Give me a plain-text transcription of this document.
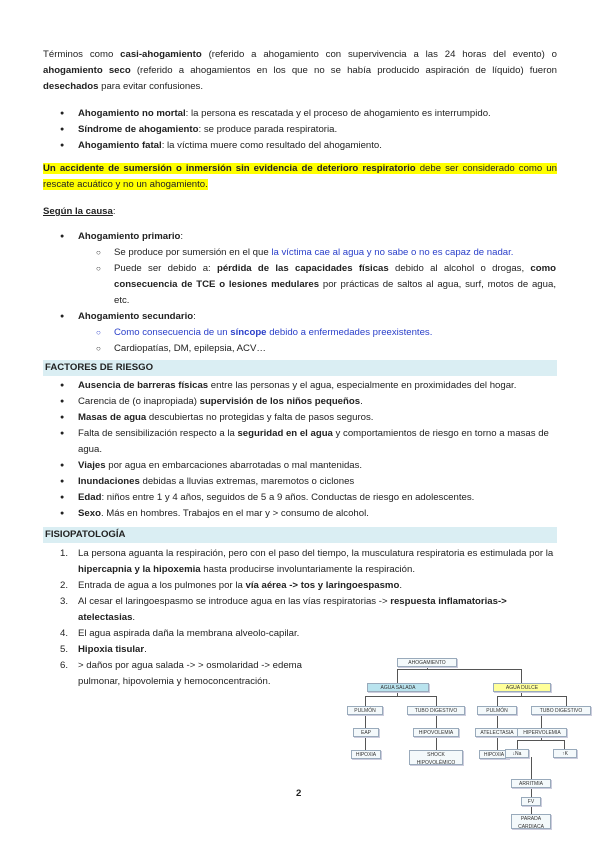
Términos como casi-ahogamiento (referido a ahogamiento con supervivencia a las 24 horas del evento) o ahogamiento seco (referido a ahogamientos en los que no se había producido aspiración de líquido) fueron desechados para evitar confusiones.
● Ahogamiento no mortal: la persona es rescatada y el proceso de ahogamiento es interrumpido.
● Síndrome de ahogamiento: se produce parada respiratoria.
● Ahogamiento fatal: la víctima muere como resultado del ahogamiento.
Un accidente de sumersión o inmersión sin evidencia de deterioro respiratorio debe ser considerado como un rescate acuático y no un ahogamiento.
Según la causa:
● Ahogamiento primario:
○ Se produce por sumersión en el que la víctima cae al agua y no sabe o no es capaz de nadar.
○ Puede ser debido a: pérdida de las capacidades físicas debido al alcohol o drogas, como consecuencia de TCE o lesiones medulares por prácticas de saltos al agua, surf, motos de agua, etc.
● Ahogamiento secundario:
○ Como consecuencia de un síncope debido a enfermedades preexistentes.
○ Cardiopatías, DM, epilepsia, ACV…
FACTORES DE RIESGO
● Ausencia de barreras físicas entre las personas y el agua, especialmente en proximidades del hogar.
● Carencia de (o inapropiada) supervisión de los niños pequeños.
● Masas de agua descubiertas no protegidas y falta de pasos seguros.
● Falta de sensibilización respecto a la seguridad en el agua y comportamientos de riesgo en torno a masas de agua.
● Viajes por agua en embarcaciones abarrotadas o mal mantenidas.
● Inundaciones debidas a lluvias extremas, maremotos o ciclones
● Edad: niños entre 1 y 4 años, seguidos de 5 a 9 años. Conductas de riesgo en adolescentes.
● Sexo. Más en hombres. Trabajos en el mar y > consumo de alcohol.
FISIOPATOLOGÍA
1. La persona aguanta la respiración, pero con el paso del tiempo, la musculatura respiratoria es estimulada por la hipercapnia y la hipoxemia hasta producirse involuntariamente la respiración.
2. Entrada de agua a los pulmones por la vía aérea -> tos y laringoespasmo.
3. Al cesar el laringoespasmo se introduce agua en las vías respiratorias -> respuesta inflamatorias-> atelectasias.
4. El agua aspirada daña la membrana alveolo-capilar.
5. Hipoxia tisular.
6. > daños por agua salada -> > osmolaridad -> edema pulmonar, hipovolemia y hemoconcentración.
AHOGAMIENTO
AGUA SALADA	AGUA DULCE
PULMÓN	TUBO DIGESTIVO	PULMÓN	TUBO DIGESTIVO
EAP	HIPOVOLEMIA	ATELECTASIA	HIPERVOLEMIA
HIPOXIA	SHOCK HIPOVOLÉMICO
HIPOXIA	↓Na	↑K
ARRITMIA
FV
PARADA CARDIACA
2
